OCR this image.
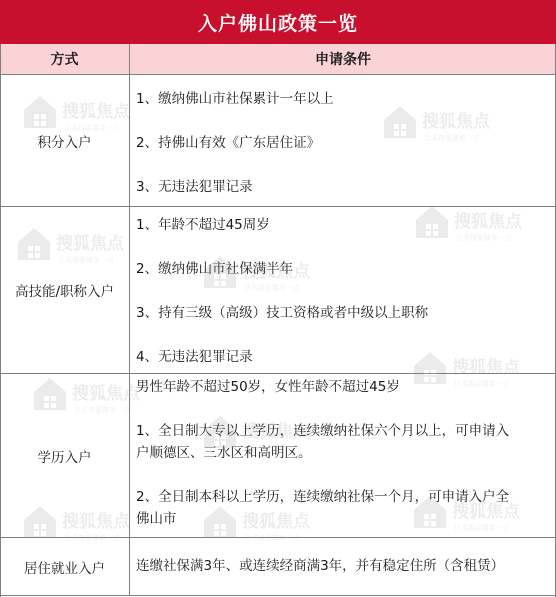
入户佛山政策一览
方式	申请条件
积分入户

1、缴纳佛山市社保累计一年以上

2、持佛山有效《广东居住证》

3、无违法犯罪记录

高技能/职称入户

1、年龄不超过45周岁

2、缴纳佛山市社保满半年

3、持有三级（高级）技工资格或者中级以上职称

4、无违法犯罪记录

学历入户

男性年龄不超过50岁，女性年龄不超过45岁

1、全日制大专以上学历，连续缴纳社保六个月以上，可申请入

户顺德区、三水区和高明区。

2、全日制本科以上学历，连续缴纳社保一个月，可申请入户全

佛山市

居住就业入户	连缴社保满3年、或连续经商满3年，并有稳定住所（含租赁）
